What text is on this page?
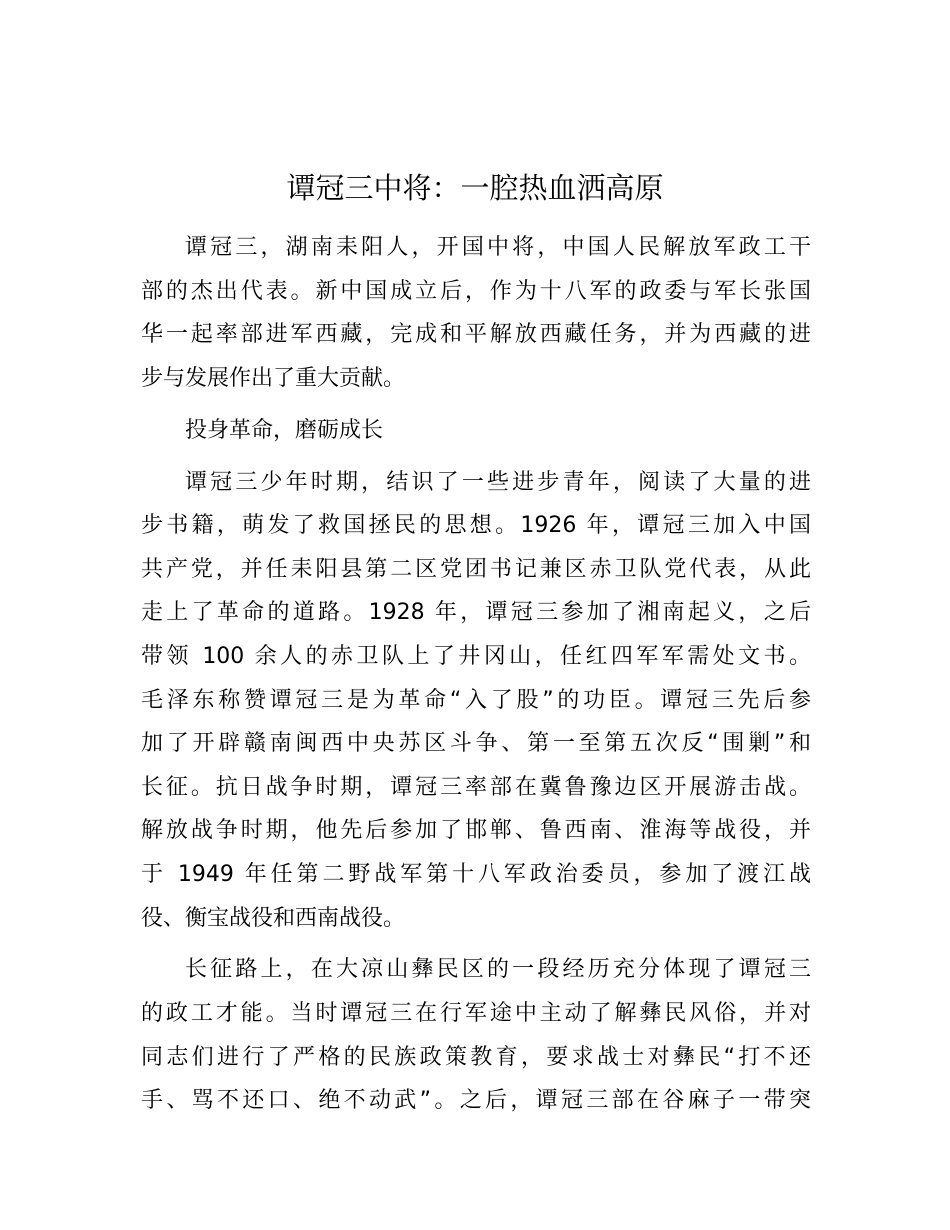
谭冠三中将：一腔热血洒高原

谭冠三，湖南耒阳人，开国中将，中国人民解放军政工干
部的杰出代表。新中国成立后，作为十八军的政委与军长张国
华一起率部进军西藏，完成和平解放西藏任务，并为西藏的进
步与发展作出了重大贡献。

投身革命，磨砺成长

谭冠三少年时期，结识了一些进步青年，阅读了大量的进
步书籍，萌发了救国拯民的思想。1926 年，谭冠三加入中国
共产党，并任耒阳县第二区党团书记兼区赤卫队党代表，从此
走上了革命的道路。1928 年，谭冠三参加了湘南起义，之后
带领 100 余人的赤卫队上了井冈山，任红四军军需处文书。
毛泽东称赞谭冠三是为革命“入了股”的功臣。谭冠三先后参
加了开辟赣南闽西中央苏区斗争、第一至第五次反“围剿”和
长征。抗日战争时期，谭冠三率部在冀鲁豫边区开展游击战。
解放战争时期，他先后参加了邯郸、鲁西南、淮海等战役，并
于 1949 年任第二野战军第十八军政治委员，参加了渡江战
役、衡宝战役和西南战役。

长征路上，在大凉山彝民区的一段经历充分体现了谭冠三
的政工才能。当时谭冠三在行军途中主动了解彝民风俗，并对
同志们进行了严格的民族政策教育，要求战士对彝民“打不还
手、骂不还口、绝不动武”。之后，谭冠三部在谷麻子一带突
